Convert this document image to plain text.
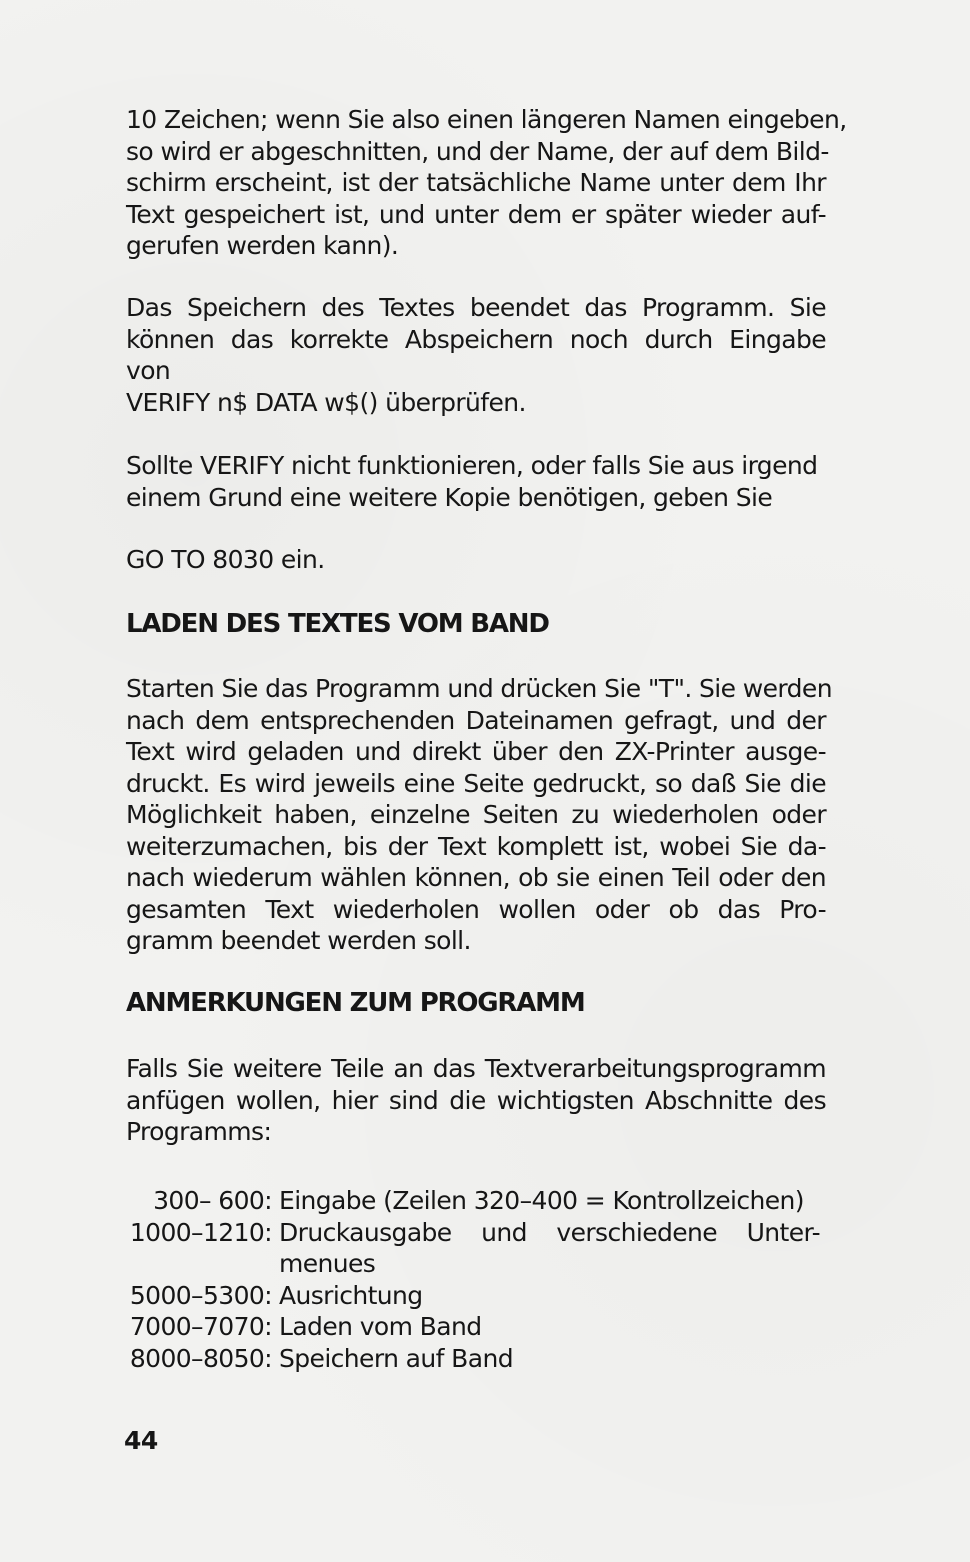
10 Zeichen; wenn Sie also einen längeren Namen eingeben,
so wird er abgeschnitten, und der Name, der auf dem Bild-
schirm erscheint, ist der tatsächliche Name unter dem Ihr
Text gespeichert ist, und unter dem er später wieder auf-
gerufen werden kann).
Das Speichern des Textes beendet das Programm. Sie
können das korrekte Abspeichern noch durch Eingabe
von
VERIFY n$ DATA w$() überprüfen.
Sollte VERIFY nicht funktionieren, oder falls Sie aus irgend
einem Grund eine weitere Kopie benötigen, geben Sie
GO TO 8030 ein.
LADEN DES TEXTES VOM BAND
Starten Sie das Programm und drücken Sie "T". Sie werden
nach dem entsprechenden Dateinamen gefragt, und der
Text wird geladen und direkt über den ZX-Printer ausge-
druckt. Es wird jeweils eine Seite gedruckt, so daß Sie die
Möglichkeit haben, einzelne Seiten zu wiederholen oder
weiterzumachen, bis der Text komplett ist, wobei Sie da-
nach wiederum wählen können, ob sie einen Teil oder den
gesamten Text wiederholen wollen oder ob das Pro-
gramm beendet werden soll.
ANMERKUNGEN ZUM PROGRAMM
Falls Sie weitere Teile an das Textverarbeitungsprogramm
anfügen wollen, hier sind die wichtigsten Abschnitte des
Programms:
300– 600: Eingabe (Zeilen 320–400 = Kontrollzeichen)
1000–1210: Druckausgabe und verschiedene Unter-
menues
5000–5300: Ausrichtung
7000–7070: Laden vom Band
8000–8050: Speichern auf Band
44
